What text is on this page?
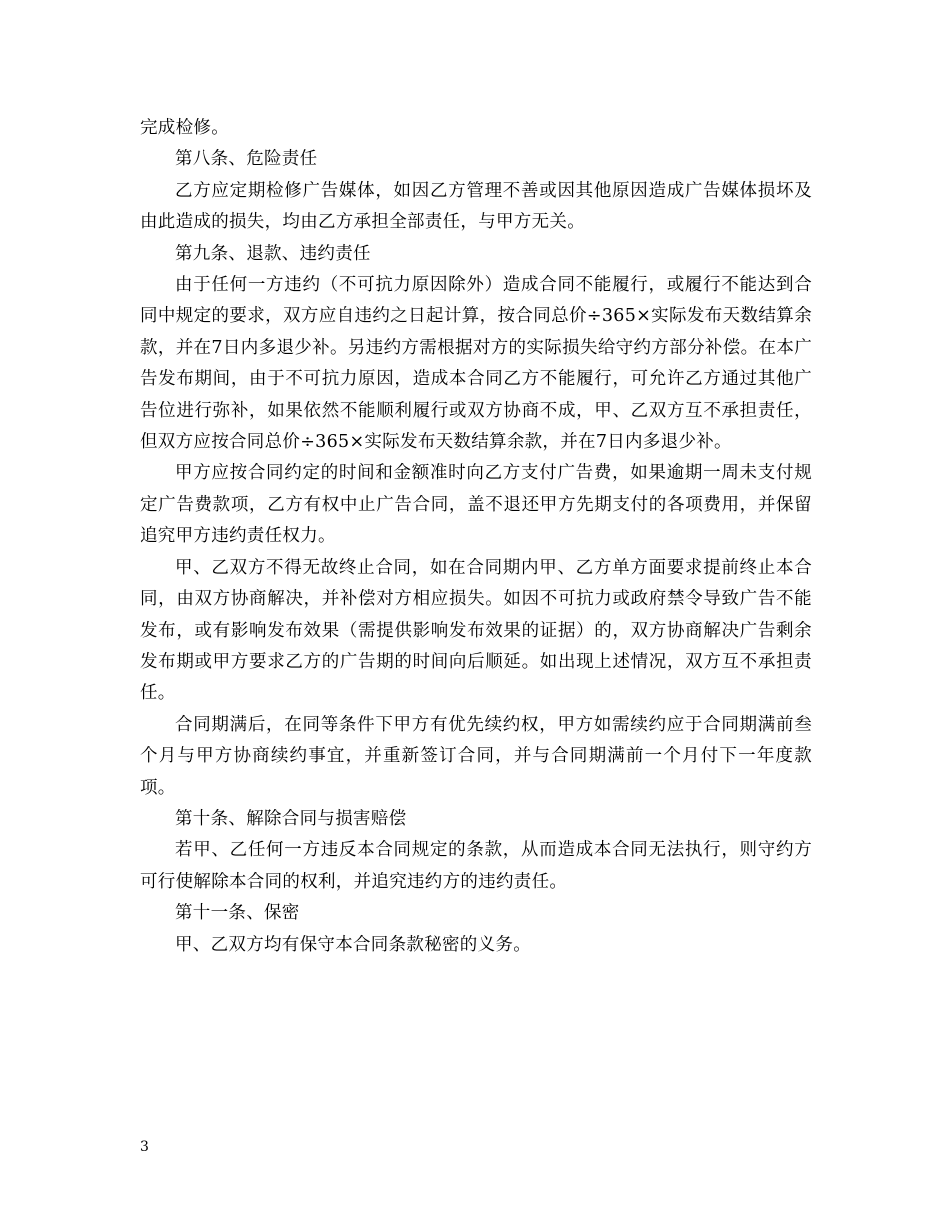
完成检修。

第八条、危险责任

乙方应定期检修广告媒体，如因乙方管理不善或因其他原因造成广告媒体损坏及由此造成的损失，均由乙方承担全部责任，与甲方无关。

第九条、退款、违约责任

由于任何一方违约（不可抗力原因除外）造成合同不能履行，或履行不能达到合同中规定的要求，双方应自违约之日起计算，按合同总价÷365×实际发布天数结算余款，并在7日内多退少补。另违约方需根据对方的实际损失给守约方部分补偿。在本广告发布期间，由于不可抗力原因，造成本合同乙方不能履行，可允许乙方通过其他广告位进行弥补，如果依然不能顺利履行或双方协商不成，甲、乙双方互不承担责任，但双方应按合同总价÷365×实际发布天数结算余款，并在7日内多退少补。

甲方应按合同约定的时间和金额准时向乙方支付广告费，如果逾期一周未支付规定广告费款项，乙方有权中止广告合同，盖不退还甲方先期支付的各项费用，并保留追究甲方违约责任权力。

甲、乙双方不得无故终止合同，如在合同期内甲、乙方单方面要求提前终止本合同，由双方协商解决，并补偿对方相应损失。如因不可抗力或政府禁令导致广告不能发布，或有影响发布效果（需提供影响发布效果的证据）的，双方协商解决广告剩余发布期或甲方要求乙方的广告期的时间向后顺延。如出现上述情况，双方互不承担责任。

合同期满后，在同等条件下甲方有优先续约权，甲方如需续约应于合同期满前叁个月与甲方协商续约事宜，并重新签订合同，并与合同期满前一个月付下一年度款项。

第十条、解除合同与损害赔偿

若甲、乙任何一方违反本合同规定的条款，从而造成本合同无法执行，则守约方可行使解除本合同的权利，并追究违约方的违约责任。

第十一条、保密

甲、乙双方均有保守本合同条款秘密的义务。

3
